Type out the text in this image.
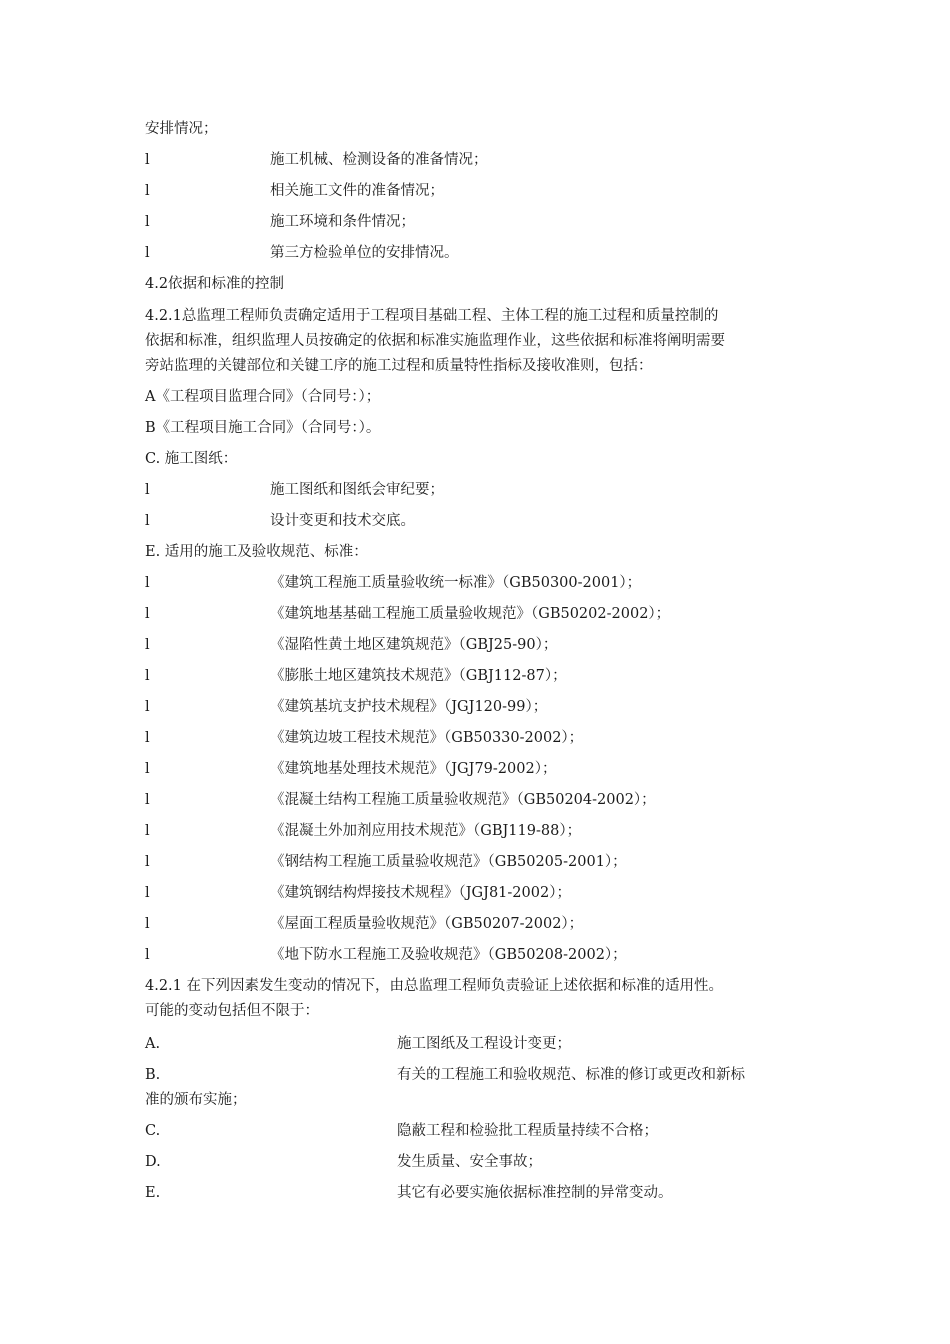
安排情况；
l	施工机械、检测设备的准备情况；
l	相关施工文件的准备情况；
l	施工环境和条件情况；
l	第三方检验单位的安排情况。
4.2依据和标准的控制
4.2.1总监理工程师负责确定适用于工程项目基础工程、主体工程的施工过程和质量控制的
依据和标准，组织监理人员按确定的依据和标准实施监理作业，这些依据和标准将阐明需要
旁站监理的关键部位和关键工序的施工过程和质量特性指标及接收准则，包括：
A《工程项目监理合同》（合同号：）；
B《工程项目施工合同》（合同号：）。
C. 施工图纸：
l	施工图纸和图纸会审纪要；
l	设计变更和技术交底。
E. 适用的施工及验收规范、标准：
l	《建筑工程施工质量验收统一标准》（GB50300-2001）；
l	《建筑地基基础工程施工质量验收规范》（GB50202-2002）；
l	《湿陷性黄土地区建筑规范》（GBJ25-90）；
l	《膨胀土地区建筑技术规范》（GBJ112-87）；
l	《建筑基坑支护技术规程》（JGJ120-99）；
l	《建筑边坡工程技术规范》（GB50330-2002）；
l	《建筑地基处理技术规范》（JGJ79-2002）；
l	《混凝土结构工程施工质量验收规范》（GB50204-2002）；
l	《混凝土外加剂应用技术规范》（GBJ119-88）；
l	《钢结构工程施工质量验收规范》（GB50205-2001）；
l	《建筑钢结构焊接技术规程》（JGJ81-2002）；
l	《屋面工程质量验收规范》（GB50207-2002）；
l	《地下防水工程施工及验收规范》（GB50208-2002）；
4.2.1 在下列因素发生变动的情况下，由总监理工程师负责验证上述依据和标准的适用性。
可能的变动包括但不限于：
A.	施工图纸及工程设计变更；
B.	有关的工程施工和验收规范、标准的修订或更改和新标
准的颁布实施；
C.	隐蔽工程和检验批工程质量持续不合格；
D.	发生质量、安全事故；
E.	其它有必要实施依据标准控制的异常变动。
